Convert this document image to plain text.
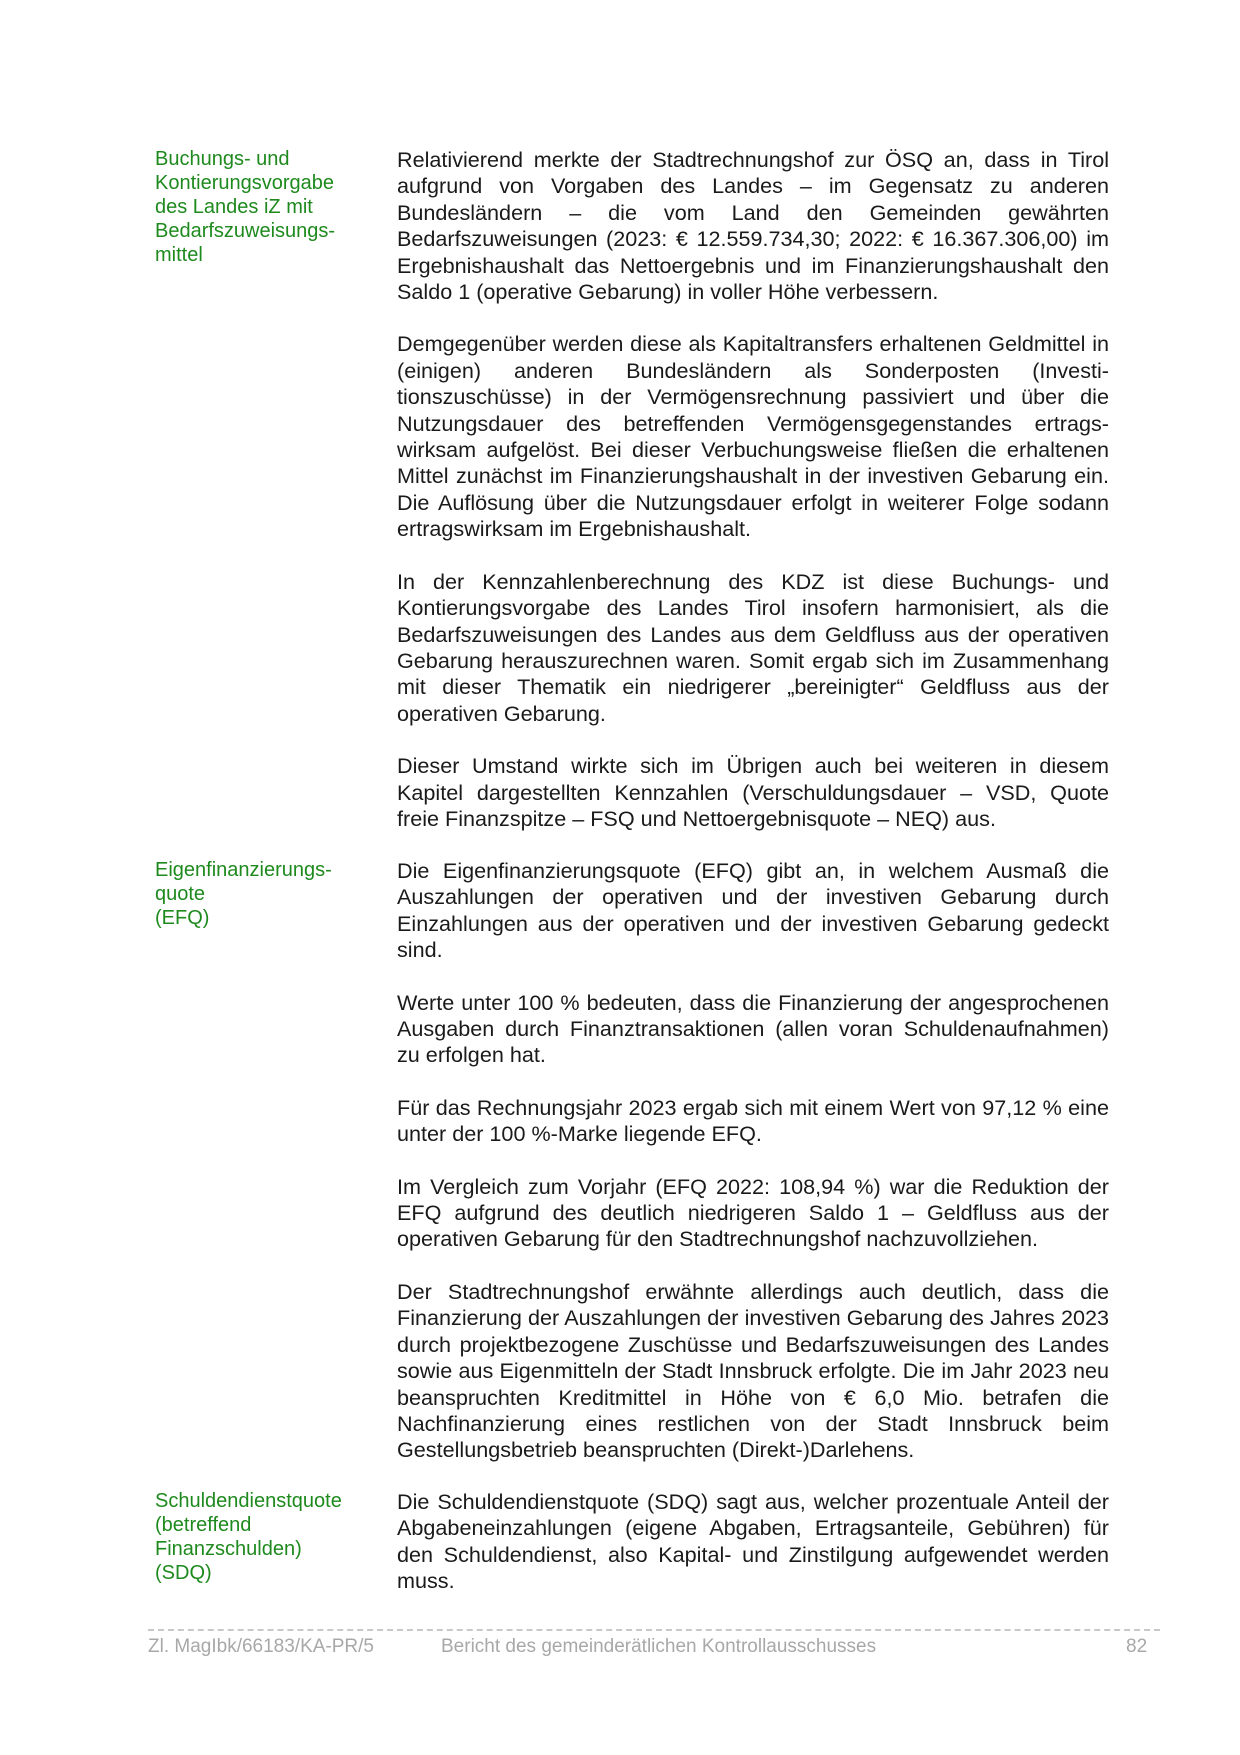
Buchungs- und
Kontierungsvorgabe
des Landes iZ mit
Bedarfszuweisungs-
mittel

Relativierend merkte der Stadtrechnungshof zur ÖSQ an, dass in Tirol aufgrund von Vorgaben des Landes – im Gegensatz zu anderen Bundesländern – die vom Land den Gemeinden gewährten Bedarfszuweisungen (2023: € 12.559.734,30; 2022: € 16.367.306,00) im Ergebnishaushalt das Nettoergebnis und im Finanzierungshaushalt den Saldo 1 (operative Gebarung) in voller Höhe verbessern.

Demgegenüber werden diese als Kapitaltransfers erhaltenen Geldmittel in (einigen) anderen Bundesländern als Sonderposten (Investitionszuschüsse) in der Vermögensrechnung passiviert und über die Nutzungsdauer des betreffenden Vermögensgegenstandes ertragswirksam aufgelöst. Bei dieser Verbuchungsweise fließen die erhaltenen Mittel zunächst im Finanzierungshaushalt in der investiven Gebarung ein. Die Auflösung über die Nutzungsdauer erfolgt in weiterer Folge sodann ertragswirksam im Ergebnishaushalt.

In der Kennzahlenberechnung des KDZ ist diese Buchungs- und Kontierungsvorgabe des Landes Tirol insofern harmonisiert, als die Bedarfszuweisungen des Landes aus dem Geldfluss aus der operativen Gebarung herauszurechnen waren. Somit ergab sich im Zusammenhang mit dieser Thematik ein niedrigerer „bereinigter“ Geldfluss aus der operativen Gebarung.

Dieser Umstand wirkte sich im Übrigen auch bei weiteren in diesem Kapitel dargestellten Kennzahlen (Verschuldungsdauer – VSD, Quote freie Finanzspitze – FSQ und Nettoergebnisquote – NEQ) aus.

Eigenfinanzierungs-
quote
(EFQ)

Die Eigenfinanzierungsquote (EFQ) gibt an, in welchem Ausmaß die Auszahlungen der operativen und der investiven Gebarung durch Einzahlungen aus der operativen und der investiven Gebarung gedeckt sind.

Werte unter 100 % bedeuten, dass die Finanzierung der angesprochenen Ausgaben durch Finanztransaktionen (allen voran Schuldenaufnahmen) zu erfolgen hat.

Für das Rechnungsjahr 2023 ergab sich mit einem Wert von 97,12 % eine unter der 100 %-Marke liegende EFQ.

Im Vergleich zum Vorjahr (EFQ 2022: 108,94 %) war die Reduktion der EFQ aufgrund des deutlich niedrigeren Saldo 1 – Geldfluss aus der operativen Gebarung für den Stadtrechnungshof nachzuvollziehen.

Der Stadtrechnungshof erwähnte allerdings auch deutlich, dass die Finanzierung der Auszahlungen der investiven Gebarung des Jahres 2023 durch projektbezogene Zuschüsse und Bedarfszuweisungen des Landes sowie aus Eigenmitteln der Stadt Innsbruck erfolgte. Die im Jahr 2023 neu beanspruchten Kreditmittel in Höhe von € 6,0 Mio. betrafen die Nachfinanzierung eines restlichen von der Stadt Innsbruck beim Gestellungsbetrieb beanspruchten (Direkt-)Darlehens.

Schuldendienstquote
(betreffend
Finanzschulden)
(SDQ)

Die Schuldendienstquote (SDQ) sagt aus, welcher prozentuale Anteil der Abgabeneinzahlungen (eigene Abgaben, Ertragsanteile, Gebühren) für den Schuldendienst, also Kapital- und Zinstilgung aufgewendet werden muss.

Zl. MagIbk/66183/KA-PR/5	Bericht des gemeinderätlichen Kontrollausschusses	82
